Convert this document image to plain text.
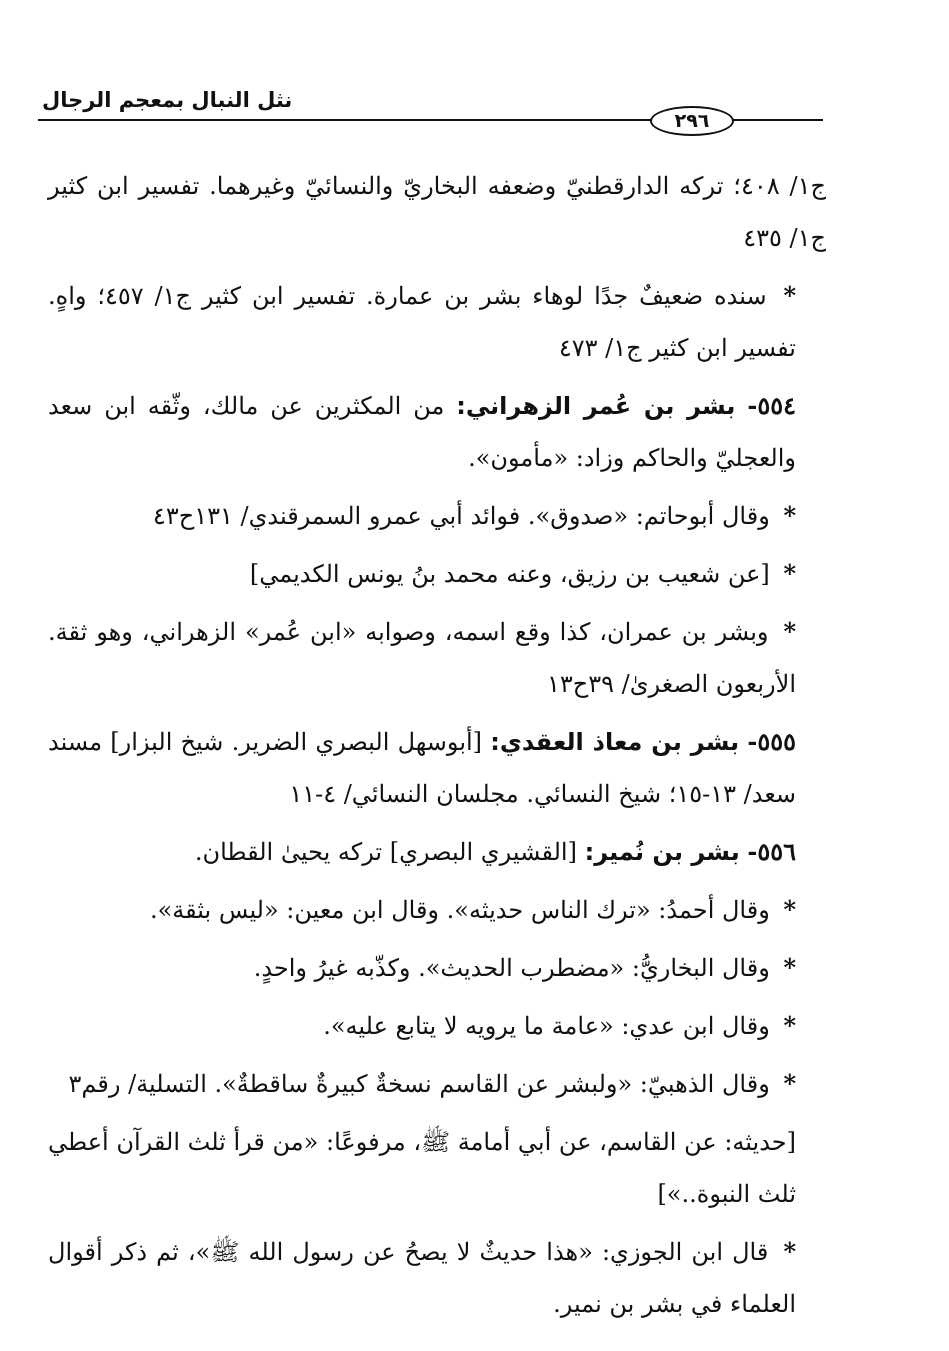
نثل النبال بمعجم الرجال
٢٩٦

ج١/ ٤٠٨؛ تركه الدارقطنيّ وضعفه البخاريّ والنسائيّ وغيرهما. تفسير ابن كثير ج١/ ٤٣٥

* سنده ضعيفٌ جدًا لوهاء بشر بن عمارة. تفسير ابن كثير ج١/ ٤٥٧؛ واهٍ. تفسير ابن كثير ج١/ ٤٧٣

٥٥٤- بشر بن عُمر الزهراني: من المكثرين عن مالك، وثّقه ابن سعد والعجليّ والحاكم وزاد: «مأمون».

* وقال أبوحاتم: «صدوق». فوائد أبي عمرو السمرقندي/ ١٣١ح٤٣

* [عن شعيب بن رزيق، وعنه محمد بنُ يونس الكديمي]

* وبشر بن عمران، كذا وقع اسمه، وصوابه «ابن عُمر» الزهراني، وهو ثقة. الأربعون الصغرىٰ/ ٣٩ح١٣

٥٥٥- بشر بن معاذ العقدي: [أبوسهل البصري الضرير. شيخ البزار] مسند سعد/ ١٣-١٥؛ شيخ النسائي. مجلسان النسائي/ ٤-١١

٥٥٦- بشر بن نُمير: [القشيري البصري] تركه يحيىٰ القطان.

* وقال أحمدُ: «ترك الناس حديثه». وقال ابن معين: «ليس بثقة».

* وقال البخاريُّ: «مضطرب الحديث». وكذّبه غيرُ واحدٍ.

* وقال ابن عدي: «عامة ما يرويه لا يتابع عليه».

* وقال الذهبيّ: «ولبشر عن القاسم نسخةٌ كبيرةٌ ساقطةٌ». التسلية/ رقم٣

[حديثه: عن القاسم، عن أبي أمامة ﷺ، مرفوعًا: «من قرأ ثلث القرآن أعطي ثلث النبوة..»]

* قال ابن الجوزي: «هذا حديثٌ لا يصحُ عن رسول الله ﷺ»، ثم ذكر أقوال العلماء في بشر بن نمير.
